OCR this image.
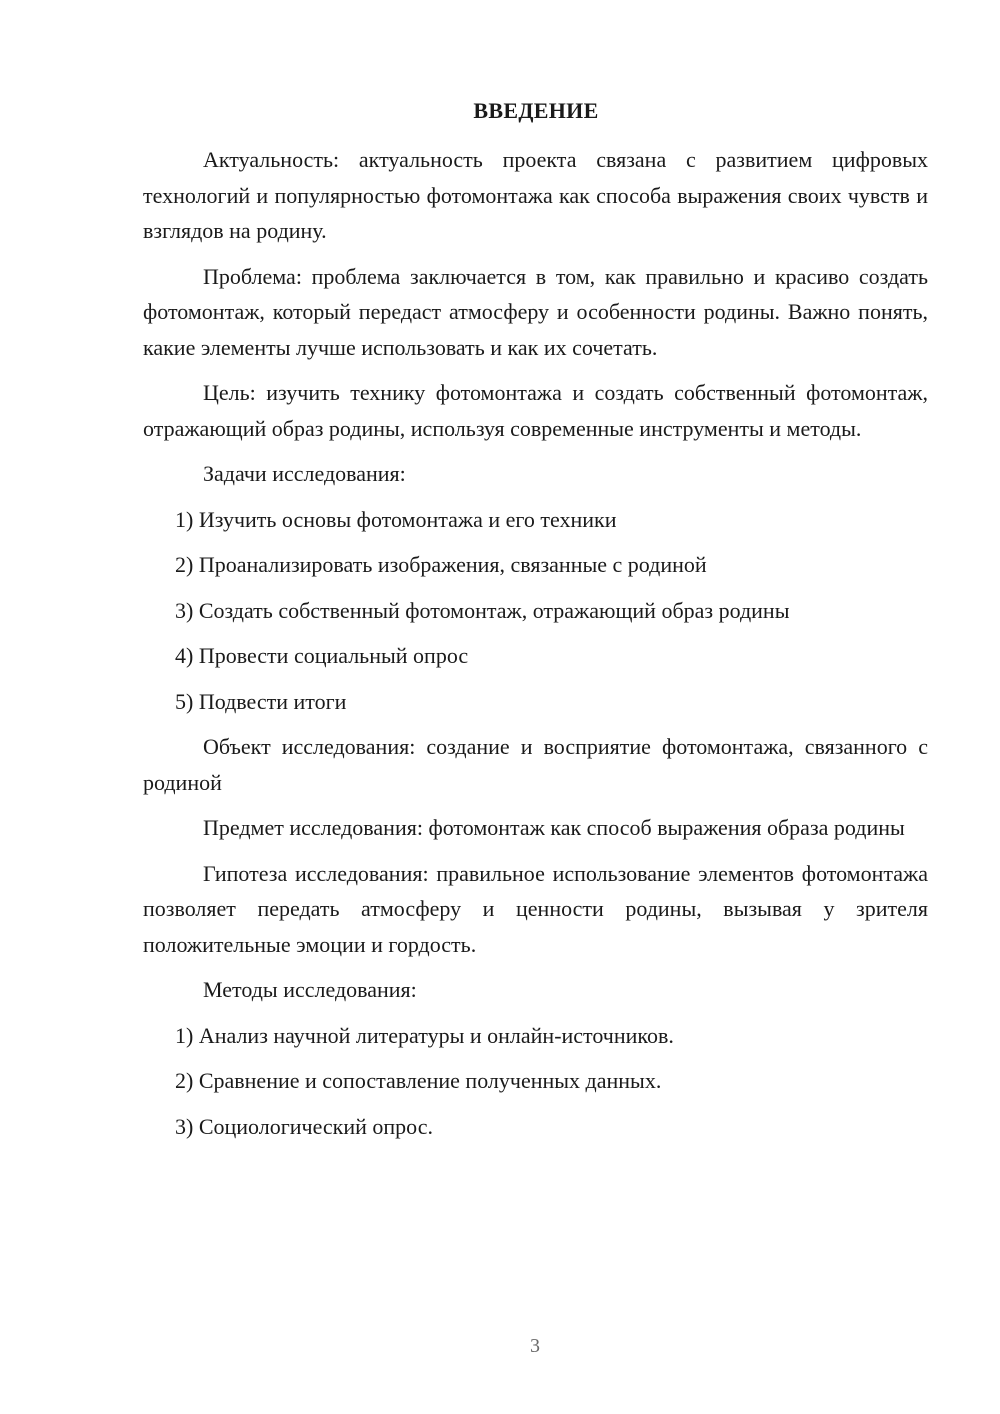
ВВЕДЕНИЕ

Актуальность: актуальность проекта связана с развитием цифровых технологий и популярностью фотомонтажа как способа выражения своих чувств и взглядов на родину.

Проблема: проблема заключается в том, как правильно и красиво создать фотомонтаж, который передаст атмосферу и особенности родины. Важно понять, какие элементы лучше использовать и как их сочетать.

Цель: изучить технику фотомонтажа и создать собственный фотомонтаж, отражающий образ родины, используя современные инструменты и методы.

Задачи исследования:

1) Изучить основы фотомонтажа и его техники
2) Проанализировать изображения, связанные с родиной
3) Создать собственный фотомонтаж, отражающий образ родины
4) Провести социальный опрос
5) Подвести итоги

Объект исследования: создание и восприятие фотомонтажа, связанного с родиной

Предмет исследования: фотомонтаж как способ выражения образа родины

Гипотеза исследования: правильное использование элементов фотомонтажа позволяет передать атмосферу и ценности родины, вызывая у зрителя положительные эмоции и гордость.

Методы исследования:

1) Анализ научной литературы и онлайн-источников.
2) Сравнение и сопоставление полученных данных.
3) Социологический опрос.
3
